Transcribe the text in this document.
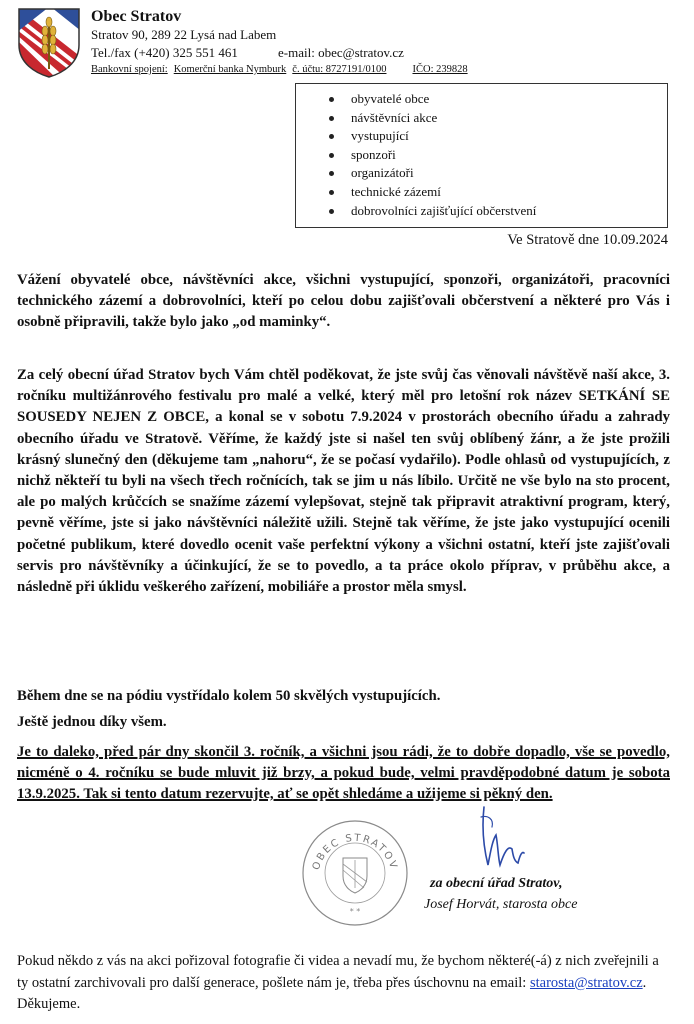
Obec Stratov
Stratov 90, 289 22 Lysá nad Labem
Tel./fax (+420) 325 551 461	e-mail: obec@stratov.cz
Bankovní spojení: Komerční banka Nymburk č. účtu: 8727191/0100 IČO: 239828
obyvatelé obce
návštěvníci akce
vystupující
sponzoři
organizátoři
technické zázemí
dobrovolníci zajišťující občerstvení
Ve Stratově dne 10.09.2024
Vážení obyvatelé obce, návštěvníci akce, všichni vystupující, sponzoři, organizátoři, pracovníci technického zázemí a dobrovolníci, kteří po celou dobu zajišťovali občerstvení a některé pro Vás i osobně připravili, takže bylo jako „od maminky“.
Za celý obecní úřad Stratov bych Vám chtěl poděkovat, že jste svůj čas věnovali návštěvě naší akce, 3. ročníku multižánrového festivalu pro malé a velké, který měl pro letošní rok název SETKÁNÍ SE SOUSEDY NEJEN Z OBCE, a konal se v sobotu 7.9.2024 v prostorách obecního úřadu a zahrady obecního úřadu ve Stratově. Věříme, že každý jste si našel ten svůj oblíbený žánr, a že jste prožili krásný slunečný den (děkujeme tam „nahoru“, že se počasí vydařilo). Podle ohlasů od vystupujících, z nichž někteří tu byli na všech třech ročnících, tak se jim u nás líbilo. Určitě ne vše bylo na sto procent, ale po malých krůčcích se snažíme zázemí vylepšovat, stejně tak připravit atraktivní program, který, pevně věříme, jste si jako návštěvníci náležitě užili. Stejně tak věříme, že jste jako vystupující ocenili početné publikum, které dovedlo ocenit vaše perfektní výkony a všichni ostatní, kteří jste zajišťovali servis pro návštěvníky a účinkující, že se to povedlo, a ta práce okolo příprav, v průběhu akce, a následně při úklidu veškerého zařízení, mobiliáře a prostor měla smysl.
Během dne se na pódiu vystřídalo kolem 50 skvělých vystupujících.
Ještě jednou díky všem.
Je to daleko, před pár dny skončil 3. ročník, a všichni jsou rádi, že to dobře dopadlo, vše se povedlo, nicméně o 4. ročníku se bude mluvit již brzy, a pokud bude, velmi pravděpodobné datum je sobota 13.9.2025. Tak si tento datum rezervujte, ať se opět shledáme a užijeme si pěkný den.
OBEC STRATOV
* *
za obecní úřad Stratov,
Josef Horvát, starosta obce
Pokud někdo z vás na akci pořizoval fotografie či videa a nevadí mu, že bychom některé(-á) z nich zveřejnili a ty ostatní zarchivovali pro další generace, pošlete nám je, třeba přes úschovnu na email: starosta@stratov.cz. Děkujeme.
